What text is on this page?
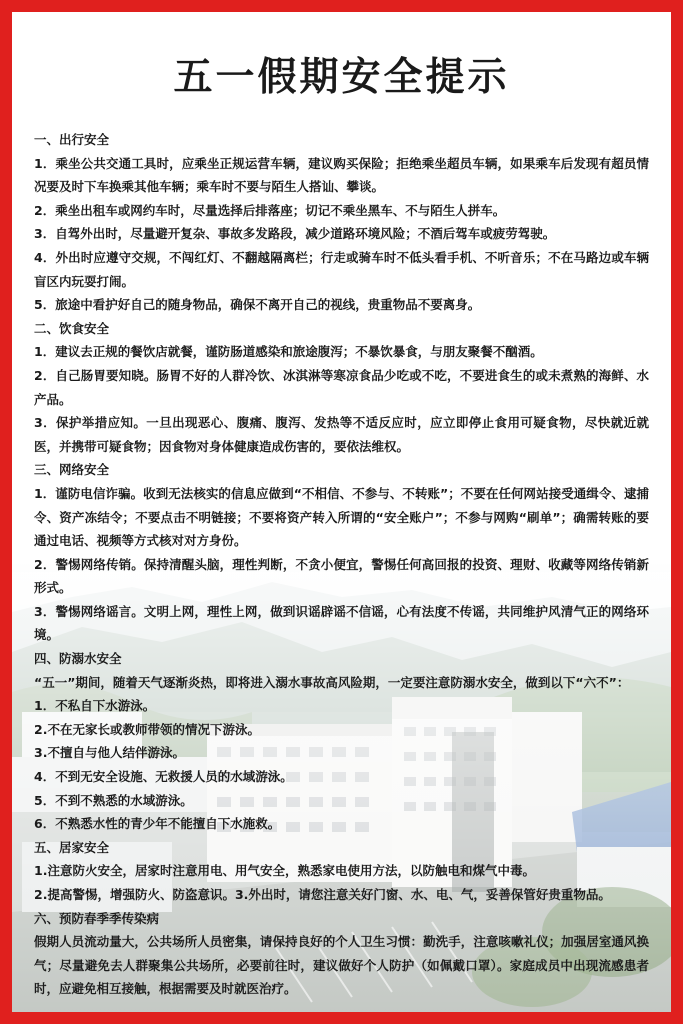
五一假期安全提示

一、出行安全

1．乘坐公共交通工具时，应乘坐正规运营车辆，建议购买保险；拒绝乘坐超员车辆，如果乘车后发现有超员情况要及时下车换乘其他车辆；乘车时不要与陌生人搭讪、攀谈。

2．乘坐出租车或网约车时，尽量选择后排落座；切记不乘坐黑车、不与陌生人拼车。

3．自驾外出时，尽量避开复杂、事故多发路段，减少道路环境风险；不酒后驾车或疲劳驾驶。

4．外出时应遵守交规，不闯红灯、不翻越隔离栏；行走或骑车时不低头看手机、不听音乐；不在马路边或车辆盲区内玩耍打闹。

5．旅途中看护好自己的随身物品，确保不离开自己的视线，贵重物品不要离身。

二、饮食安全

1．建议去正规的餐饮店就餐，谨防肠道感染和旅途腹泻；不暴饮暴食，与朋友聚餐不酗酒。

2．自己肠胃要知晓。肠胃不好的人群冷饮、冰淇淋等寒凉食品少吃或不吃，不要进食生的或未煮熟的海鲜、水产品。

3．保护举措应知。一旦出现恶心、腹痛、腹泻、发热等不适反应时，应立即停止食用可疑食物，尽快就近就医，并携带可疑食物；因食物对身体健康造成伤害的，要依法维权。

三、网络安全

1．谨防电信诈骗。收到无法核实的信息应做到“不相信、不参与、不转账”；不要在任何网站接受通缉令、逮捕令、资产冻结令；不要点击不明链接；不要将资产转入所谓的“安全账户”；不参与网购“刷单”；确需转账的要通过电话、视频等方式核对对方身份。

2．警惕网络传销。保持清醒头脑，理性判断，不贪小便宜，警惕任何高回报的投资、理财、收藏等网络传销新形式。

3．警惕网络谣言。文明上网，理性上网，做到识谣辟谣不信谣，心有法度不传谣，共同维护风清气正的网络环境。

四、防溺水安全

“五一”期间，随着天气逐渐炎热，即将进入溺水事故高风险期，一定要注意防溺水安全，做到以下“六不”：

1．不私自下水游泳。

2.不在无家长或教师带领的情况下游泳。

3.不擅自与他人结伴游泳。

4．不到无安全设施、无救援人员的水域游泳。

5．不到不熟悉的水域游泳。

6．不熟悉水性的青少年不能擅自下水施救。

五、居家安全

1.注意防火安全，居家时注意用电、用气安全，熟悉家电使用方法，以防触电和煤气中毒。

2.提高警惕，增强防火、防盗意识。3.外出时，请您注意关好门窗、水、电、气，妥善保管好贵重物品。

六、预防春季季传染病

假期人员流动量大，公共场所人员密集，请保持良好的个人卫生习惯：勤洗手，注意咳嗽礼仪；加强居室通风换气；尽量避免去人群聚集公共场所，必要前往时，建议做好个人防护（如佩戴口罩）。家庭成员中出现流感患者时，应避免相互接触，根据需要及时就医治疗。
